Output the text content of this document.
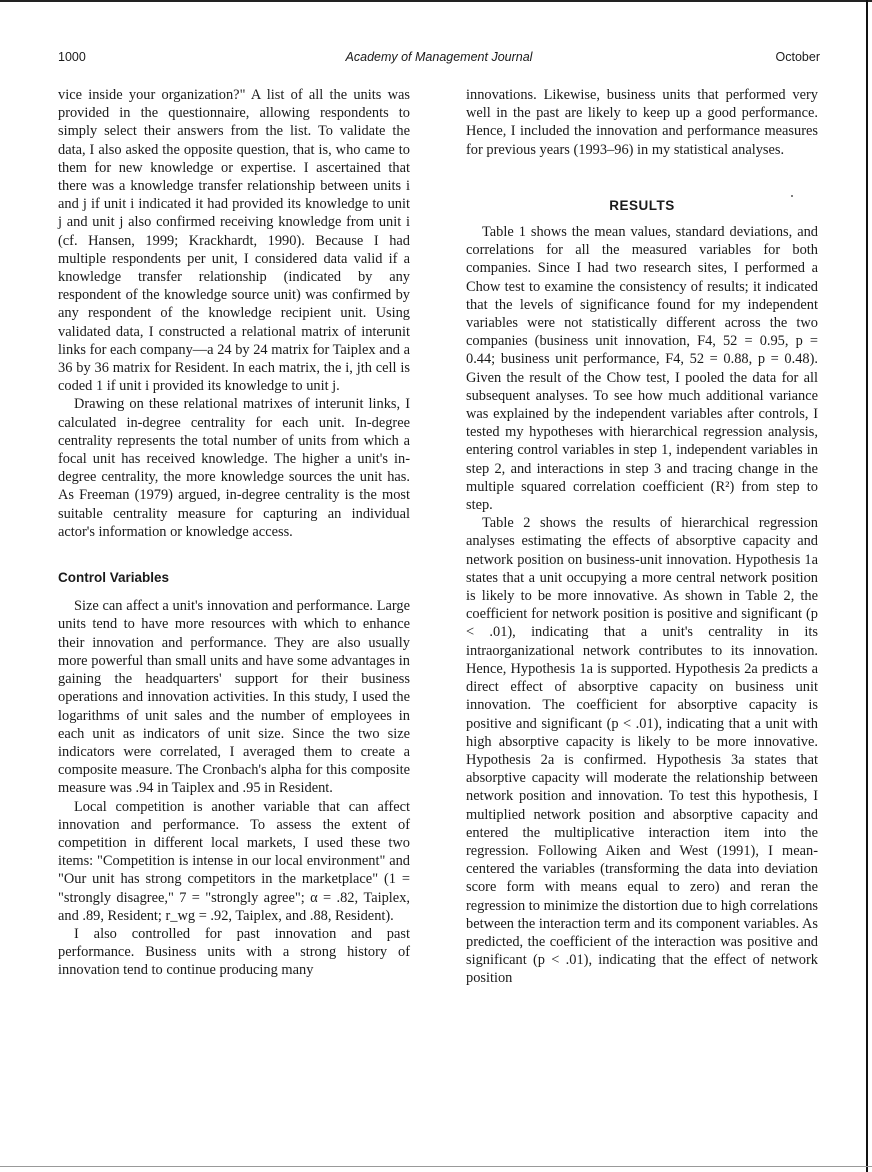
1000	Academy of Management Journal	October

vice inside your organization?" A list of all the units was provided in the questionnaire, allowing respondents to simply select their answers from the list. To validate the data, I also asked the opposite question, that is, who came to them for new knowledge or expertise. I ascertained that there was a knowledge transfer relationship between units i and j if unit i indicated it had provided its knowledge to unit j and unit j also confirmed receiving knowledge from unit i (cf. Hansen, 1999; Krackhardt, 1990). Because I had multiple respondents per unit, I considered data valid if a knowledge transfer relationship (indicated by any respondent of the knowledge source unit) was confirmed by any respondent of the knowledge recipient unit. Using validated data, I constructed a relational matrix of interunit links for each company—a 24 by 24 matrix for Taiplex and a 36 by 36 matrix for Resident. In each matrix, the i, jth cell is coded 1 if unit i provided its knowledge to unit j.

Drawing on these relational matrixes of interunit links, I calculated in-degree centrality for each unit. In-degree centrality represents the total number of units from which a focal unit has received knowledge. The higher a unit's in-degree centrality, the more knowledge sources the unit has. As Freeman (1979) argued, in-degree centrality is the most suitable centrality measure for capturing an individual actor's information or knowledge access.

Control Variables

Size can affect a unit's innovation and performance. Large units tend to have more resources with which to enhance their innovation and performance. They are also usually more powerful than small units and have some advantages in gaining the headquarters' support for their business operations and innovation activities. In this study, I used the logarithms of unit sales and the number of employees in each unit as indicators of unit size. Since the two size indicators were correlated, I averaged them to create a composite measure. The Cronbach's alpha for this composite measure was .94 in Taiplex and .95 in Resident.

Local competition is another variable that can affect innovation and performance. To assess the extent of competition in different local markets, I used these two items: "Competition is intense in our local environment" and "Our unit has strong competitors in the marketplace" (1 = "strongly disagree," 7 = "strongly agree"; α = .82, Taiplex, and .89, Resident; r_wg = .92, Taiplex, and .88, Resident).

I also controlled for past innovation and past performance. Business units with a strong history of innovation tend to continue producing many

innovations. Likewise, business units that performed very well in the past are likely to keep up a good performance. Hence, I included the innovation and performance measures for previous years (1993–96) in my statistical analyses.

RESULTS

Table 1 shows the mean values, standard deviations, and correlations for all the measured variables for both companies. Since I had two research sites, I performed a Chow test to examine the consistency of results; it indicated that the levels of significance found for my independent variables were not statistically different across the two companies (business unit innovation, F4, 52 = 0.95, p = 0.44; business unit performance, F4, 52 = 0.88, p = 0.48). Given the result of the Chow test, I pooled the data for all subsequent analyses. To see how much additional variance was explained by the independent variables after controls, I tested my hypotheses with hierarchical regression analysis, entering control variables in step 1, independent variables in step 2, and interactions in step 3 and tracing change in the multiple squared correlation coefficient (R²) from step to step.

Table 2 shows the results of hierarchical regression analyses estimating the effects of absorptive capacity and network position on business-unit innovation. Hypothesis 1a states that a unit occupying a more central network position is likely to be more innovative. As shown in Table 2, the coefficient for network position is positive and significant (p < .01), indicating that a unit's centrality in its intraorganizational network contributes to its innovation. Hence, Hypothesis 1a is supported. Hypothesis 2a predicts a direct effect of absorptive capacity on business unit innovation. The coefficient for absorptive capacity is positive and significant (p < .01), indicating that a unit with high absorptive capacity is likely to be more innovative. Hypothesis 2a is confirmed. Hypothesis 3a states that absorptive capacity will moderate the relationship between network position and innovation. To test this hypothesis, I multiplied network position and absorptive capacity and entered the multiplicative interaction item into the regression. Following Aiken and West (1991), I mean-centered the variables (transforming the data into deviation score form with means equal to zero) and reran the regression to minimize the distortion due to high correlations between the interaction term and its component variables. As predicted, the coefficient of the interaction was positive and significant (p < .01), indicating that the effect of network position
